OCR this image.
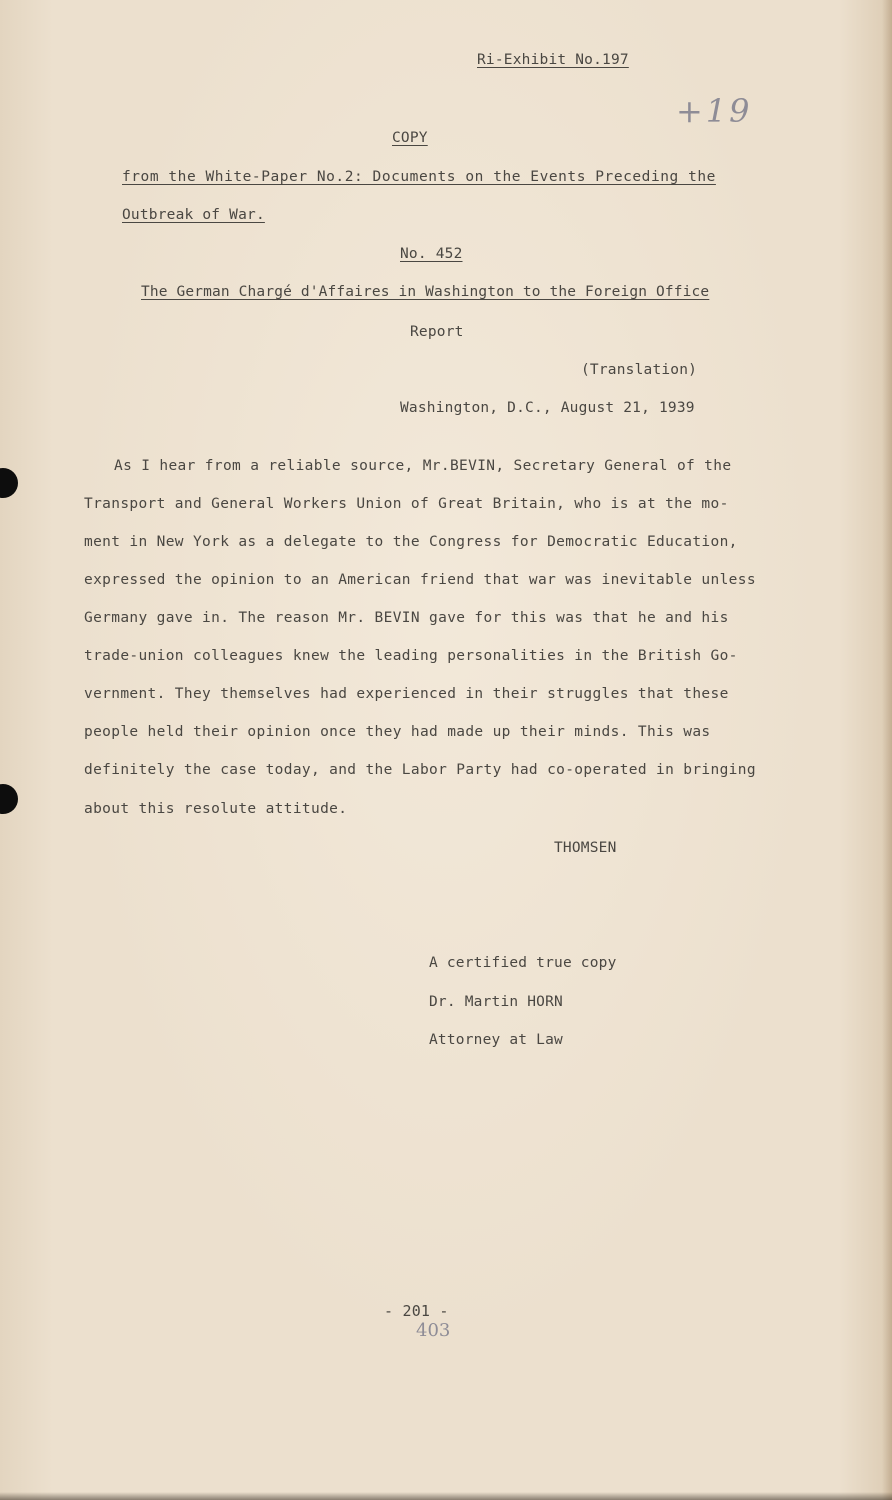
Ri-Exhibit No.197
+19
COPY
from the White-Paper No.2: Documents on the Events Preceding the
Outbreak of War.
No. 452
The German Chargé d'Affaires in Washington to the Foreign Office
Report
(Translation)
Washington, D.C., August 21, 1939
As I hear from a reliable source, Mr.BEVIN, Secretary General of the
Transport and General Workers Union of Great Britain, who is at the mo-
ment in New York as a delegate to the Congress for Democratic Education,
expressed the opinion to an American friend that war was inevitable unless
Germany gave in. The reason Mr. BEVIN gave for this was that he and his
trade-union colleagues knew the leading personalities in the British Go-
vernment. They themselves had experienced in their struggles that these
people held their opinion once they had made up their minds. This was
definitely the case today, and the Labor Party had co-operated in bringing
about this resolute attitude.
THOMSEN
A certified true copy
Dr. Martin HORN
Attorney at Law
- 201 -
403
